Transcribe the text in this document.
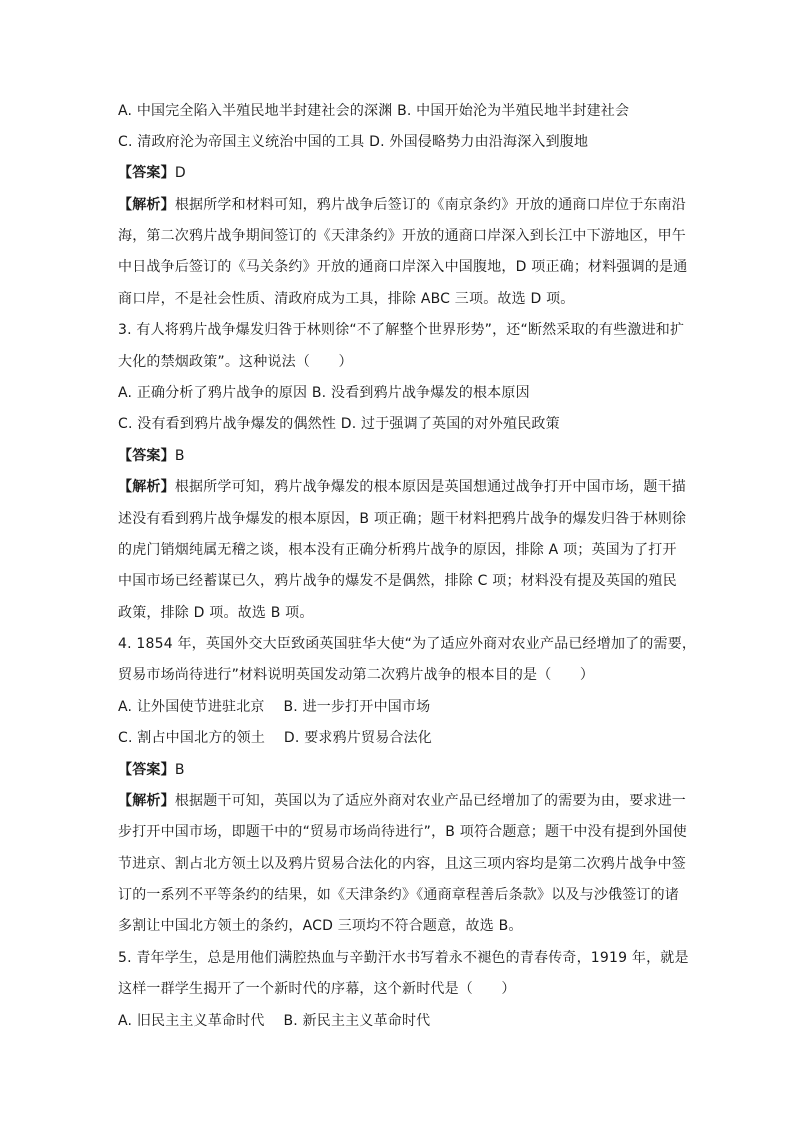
A. 中国完全陷入半殖民地半封建社会的深渊 B. 中国开始沦为半殖民地半封建社会
C. 清政府沦为帝国主义统治中国的工具 D. 外国侵略势力由沿海深入到腹地
【答案】D
【解析】根据所学和材料可知，鸦片战争后签订的《南京条约》开放的通商口岸位于东南沿
海，第二次鸦片战争期间签订的《天津条约》开放的通商口岸深入到长江中下游地区，甲午
中日战争后签订的《马关条约》开放的通商口岸深入中国腹地，D 项正确；材料强调的是通
商口岸，不是社会性质、清政府成为工具，排除 ABC 三项。故选 D 项。
3. 有人将鸦片战争爆发归咎于林则徐“不了解整个世界形势”，还“断然采取的有些激进和扩
大化的禁烟政策”。这种说法（　　）
A. 正确分析了鸦片战争的原因 B. 没看到鸦片战争爆发的根本原因
C. 没有看到鸦片战争爆发的偶然性 D. 过于强调了英国的对外殖民政策
【答案】B
【解析】根据所学可知，鸦片战争爆发的根本原因是英国想通过战争打开中国市场，题干描
述没有看到鸦片战争爆发的根本原因，B 项正确；题干材料把鸦片战争的爆发归咎于林则徐
的虎门销烟纯属无稽之谈，根本没有正确分析鸦片战争的原因，排除 A 项；英国为了打开
中国市场已经蓄谋已久，鸦片战争的爆发不是偶然，排除 C 项；材料没有提及英国的殖民
政策，排除 D 项。故选 B 项。
4. 1854 年，英国外交大臣致函英国驻华大使“为了适应外商对农业产品已经增加了的需要，
贸易市场尚待进行”材料说明英国发动第二次鸦片战争的根本目的是（　　）
A. 让外国使节进驻北京　 B. 进一步打开中国市场
C. 割占中国北方的领土　 D. 要求鸦片贸易合法化
【答案】B
【解析】根据题干可知，英国以为了适应外商对农业产品已经增加了的需要为由，要求进一
步打开中国市场，即题干中的“贸易市场尚待进行”，B 项符合题意；题干中没有提到外国使
节进京、割占北方领土以及鸦片贸易合法化的内容，且这三项内容均是第二次鸦片战争中签
订的一系列不平等条约的结果，如《天津条约》《通商章程善后条款》以及与沙俄签订的诸
多割让中国北方领土的条约，ACD 三项均不符合题意，故选 B。
5. 青年学生，总是用他们满腔热血与辛勤汗水书写着永不褪色的青春传奇，1919 年，就是
这样一群学生揭开了一个新时代的序幕，这个新时代是（　　）
A. 旧民主主义革命时代　 B. 新民主主义革命时代
